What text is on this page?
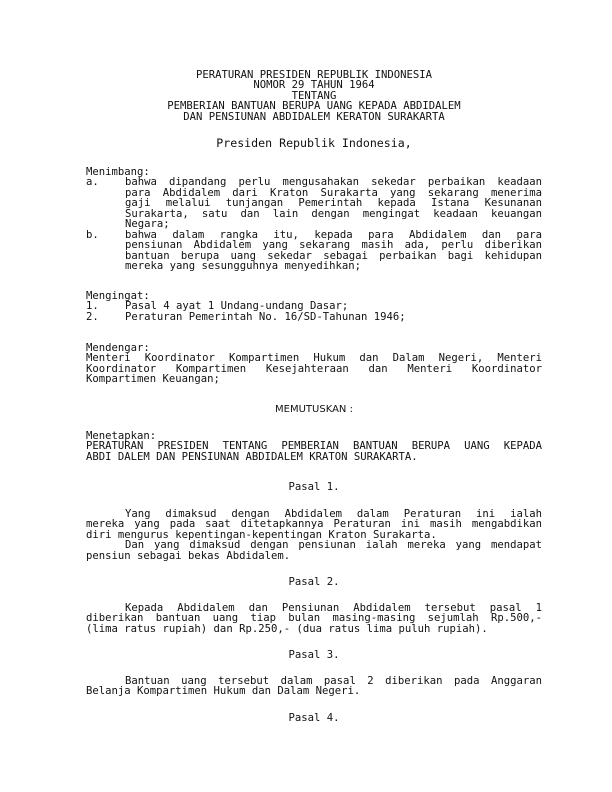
PERATURAN PRESIDEN REPUBLIK INDONESIA
NOMOR 29 TAHUN 1964
TENTANG
PEMBERIAN BANTUAN BERUPA UANG KEPADA ABDIDALEM
DAN PENSIUNAN ABDIDALEM KERATON SURAKARTA
Presiden Republik Indonesia,
Menimbang:
a. bahwa dipandang perlu mengusahakan sekedar perbaikan keadaan
para Abdidalem dari Kraton Surakarta yang sekarang menerima
gaji melalui tunjangan Pemerintah kepada Istana Kesunanan
Surakarta, satu dan lain dengan mengingat keadaan keuangan
Negara;
b. bahwa dalam rangka itu, kepada para Abdidalem dan para
pensiunan Abdidalem yang sekarang masih ada, perlu diberikan
bantuan berupa uang sekedar sebagai perbaikan bagi kehidupan
mereka yang sesungguhnya menyedihkan;
Mengingat:
1. Pasal 4 ayat 1 Undang-undang Dasar;
2. Peraturan Pemerintah No. 16/SD-Tahunan 1946;
Mendengar:
Menteri Koordinator Kompartimen Hukum dan Dalam Negeri, Menteri
Koordinator Kompartimen Kesejahteraan dan Menteri Koordinator
Kompartimen Keuangan;
MEMUTUSKAN :
Menetapkan:
PERATURAN PRESIDEN TENTANG PEMBERIAN BANTUAN BERUPA UANG KEPADA
ABDI DALEM DAN PENSIUNAN ABDIDALEM KRATON SURAKARTA.
Pasal 1.
Yang dimaksud dengan Abdidalem dalam Peraturan ini ialah
mereka yang pada saat ditetapkannya Peraturan ini masih mengabdikan
diri mengurus kepentingan-kepentingan Kraton Surakarta.
Dan yang dimaksud dengan pensiunan ialah mereka yang mendapat
pensiun sebagai bekas Abdidalem.
Pasal 2.
Kepada Abdidalem dan Pensiunan Abdidalem tersebut pasal 1
diberikan bantuan uang tiap bulan masing-masing sejumlah Rp.500,-
(lima ratus rupiah) dan Rp.250,- (dua ratus lima puluh rupiah).
Pasal 3.
Bantuan uang tersebut dalam pasal 2 diberikan pada Anggaran
Belanja Kompartimen Hukum dan Dalam Negeri.
Pasal 4.
